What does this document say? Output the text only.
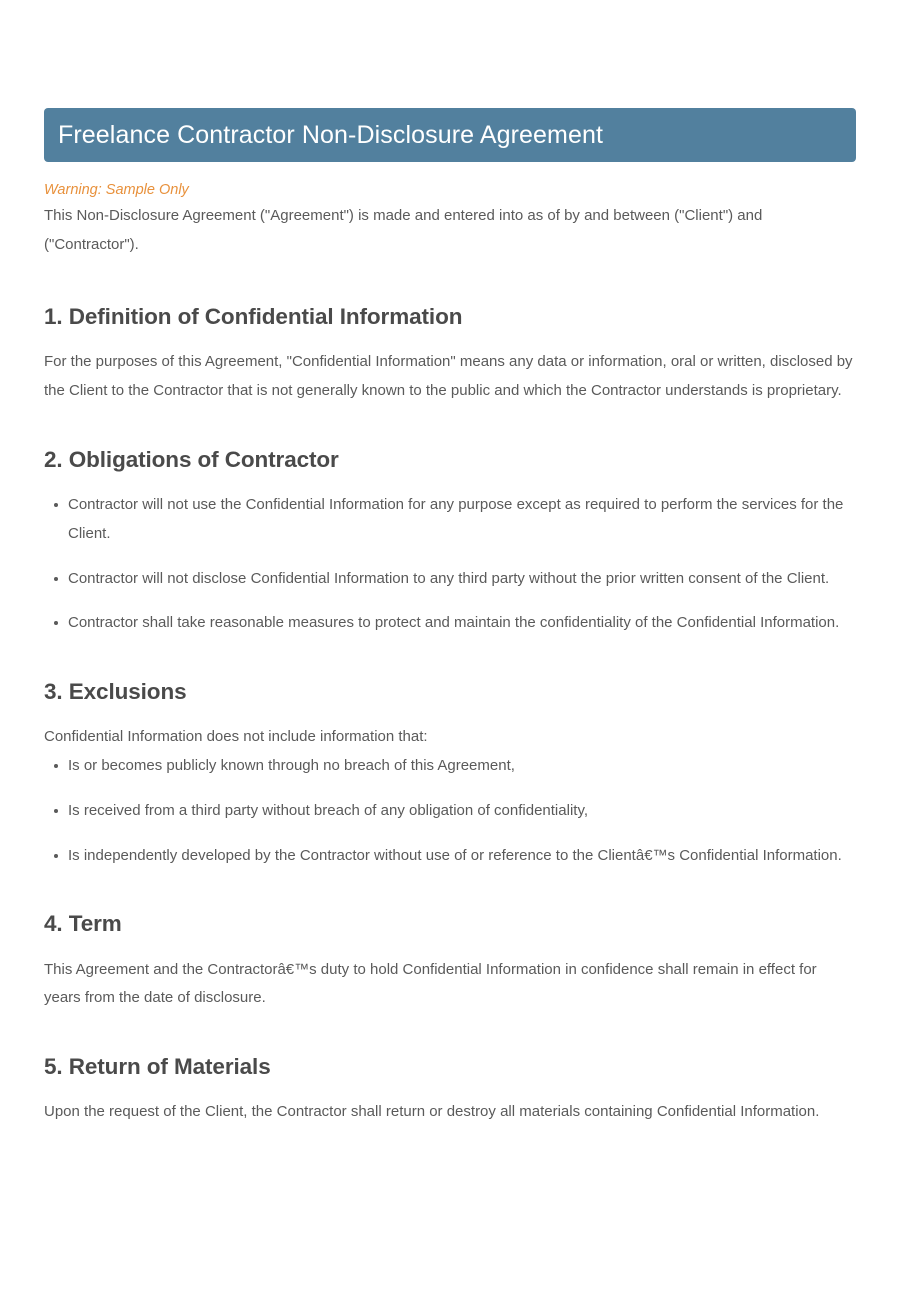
Freelance Contractor Non-Disclosure Agreement

Warning: Sample Only

This Non-Disclosure Agreement ("Agreement") is made and entered into as of by and between ("Client") and ("Contractor").

1. Definition of Confidential Information

For the purposes of this Agreement, "Confidential Information" means any data or information, oral or written, disclosed by the Client to the Contractor that is not generally known to the public and which the Contractor understands is proprietary.

2. Obligations of Contractor
Contractor will not use the Confidential Information for any purpose except as required to perform the services for the Client.
Contractor will not disclose Confidential Information to any third party without the prior written consent of the Client.
Contractor shall take reasonable measures to protect and maintain the confidentiality of the Confidential Information.
3. Exclusions

Confidential Information does not include information that:

Is or becomes publicly known through no breach of this Agreement,
Is received from a third party without breach of any obligation of confidentiality,
Is independently developed by the Contractor without use of or reference to the Clientâ€™s Confidential Information.
4. Term

This Agreement and the Contractorâ€™s duty to hold Confidential Information in confidence shall remain in effect for years from the date of disclosure.

5. Return of Materials

Upon the request of the Client, the Contractor shall return or destroy all materials containing Confidential Information.
